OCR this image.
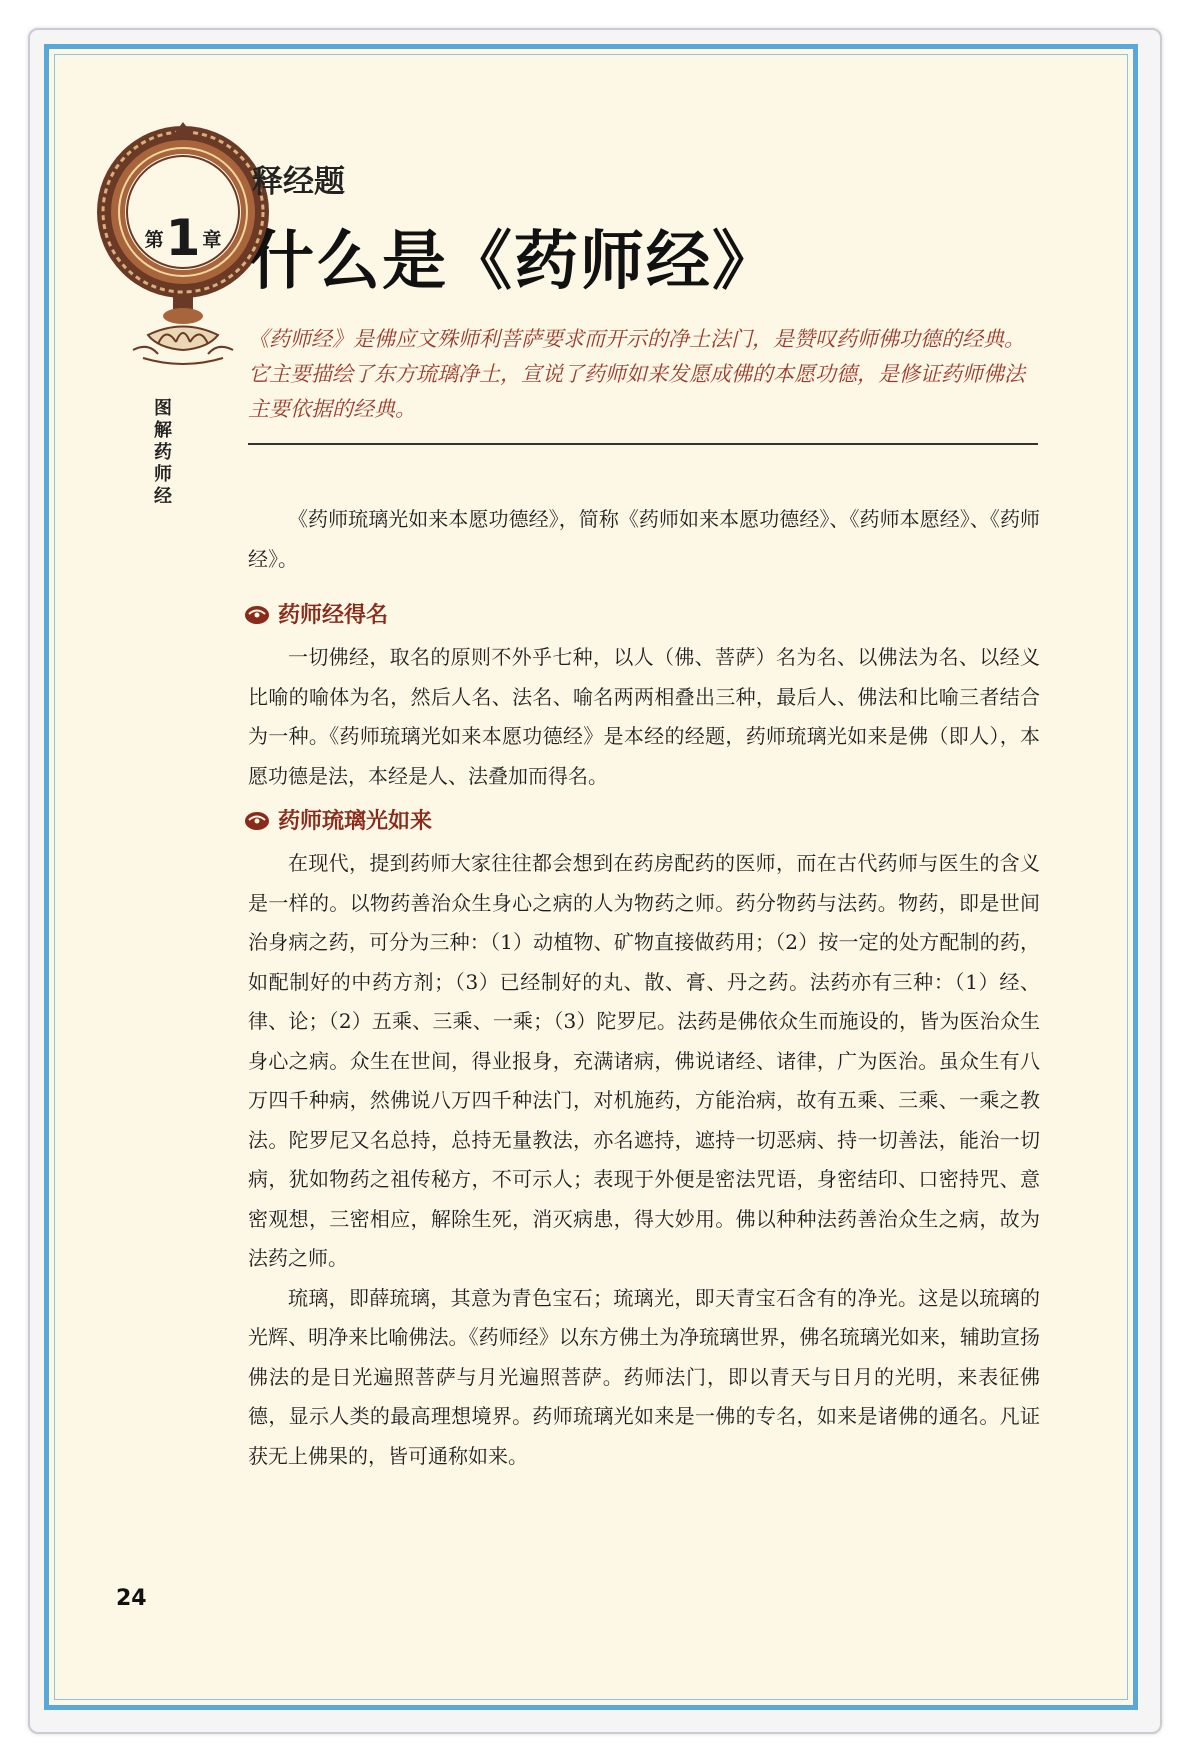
第 1 章
图解药师经
释经题
什么是《药师经》
《药师经》是佛应文殊师利菩萨要求而开示的净土法门，是赞叹药师佛功德的经典。它主要描绘了东方琉璃净土，宣说了药师如来发愿成佛的本愿功德，是修证药师佛法主要依据的经典。

《药师琉璃光如来本愿功德经》，简称《药师如来本愿功德经》、《药师本愿经》、《药师经》。

药师经得名

一切佛经，取名的原则不外乎七种，以人（佛、菩萨）名为名、以佛法为名、以经义比喻的喻体为名，然后人名、法名、喻名两两相叠出三种，最后人、佛法和比喻三者结合为一种。《药师琉璃光如来本愿功德经》是本经的经题，药师琉璃光如来是佛（即人），本愿功德是法，本经是人、法叠加而得名。

药师琉璃光如来

在现代，提到药师大家往往都会想到在药房配药的医师，而在古代药师与医生的含义是一样的。以物药善治众生身心之病的人为物药之师。药分物药与法药。物药，即是世间治身病之药，可分为三种：（1）动植物、矿物直接做药用；（2）按一定的处方配制的药，如配制好的中药方剂；（3）已经制好的丸、散、膏、丹之药。法药亦有三种：（1）经、律、论；（2）五乘、三乘、一乘；（3）陀罗尼。法药是佛依众生而施设的，皆为医治众生身心之病。众生在世间，得业报身，充满诸病，佛说诸经、诸律，广为医治。虽众生有八万四千种病，然佛说八万四千种法门，对机施药，方能治病，故有五乘、三乘、一乘之教法。陀罗尼又名总持，总持无量教法，亦名遮持，遮持一切恶病、持一切善法，能治一切病，犹如物药之祖传秘方，不可示人；表现于外便是密法咒语，身密结印、口密持咒、意密观想，三密相应，解除生死，消灭病患，得大妙用。佛以种种法药善治众生之病，故为法药之师。

琉璃，即薛琉璃，其意为青色宝石；琉璃光，即天青宝石含有的净光。这是以琉璃的光辉、明净来比喻佛法。《药师经》以东方佛土为净琉璃世界，佛名琉璃光如来，辅助宣扬佛法的是日光遍照菩萨与月光遍照菩萨。药师法门，即以青天与日月的光明，来表征佛德，显示人类的最高理想境界。药师琉璃光如来是一佛的专名，如来是诸佛的通名。凡证获无上佛果的，皆可通称如来。

24
